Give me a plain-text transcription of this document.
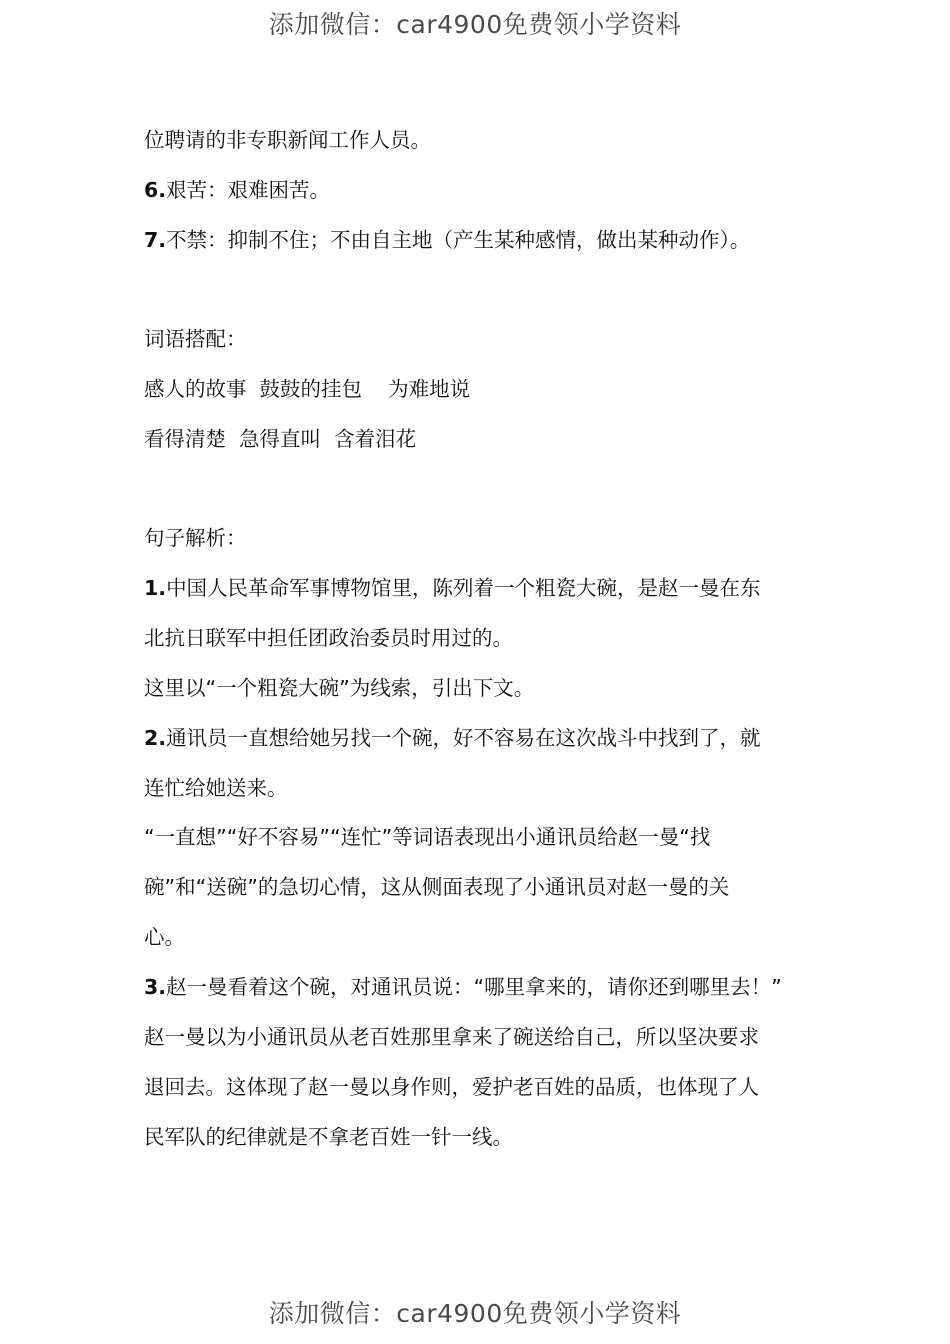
添加微信：car4900免费领小学资料
位聘请的非专职新闻工作人员。
6.艰苦：艰难困苦。
7.不禁：抑制不住；不由自主地（产生某种感情，做出某种动作）。
词语搭配：
感人的故事  鼓鼓的挂包    为难地说
看得清楚  急得直叫  含着泪花
句子解析：
1.中国人民革命军事博物馆里，陈列着一个粗瓷大碗，是赵一曼在东
北抗日联军中担任团政治委员时用过的。
这里以“一个粗瓷大碗”为线索，引出下文。
2.通讯员一直想给她另找一个碗，好不容易在这次战斗中找到了，就
连忙给她送来。
“一直想”“好不容易”“连忙”等词语表现出小通讯员给赵一曼“找
碗”和“送碗”的急切心情，这从侧面表现了小通讯员对赵一曼的关
心。
3.赵一曼看着这个碗，对通讯员说：“哪里拿来的，请你还到哪里去！”
赵一曼以为小通讯员从老百姓那里拿来了碗送给自己，所以坚决要求
退回去。这体现了赵一曼以身作则，爱护老百姓的品质，也体现了人
民军队的纪律就是不拿老百姓一针一线。
添加微信：car4900免费领小学资料
